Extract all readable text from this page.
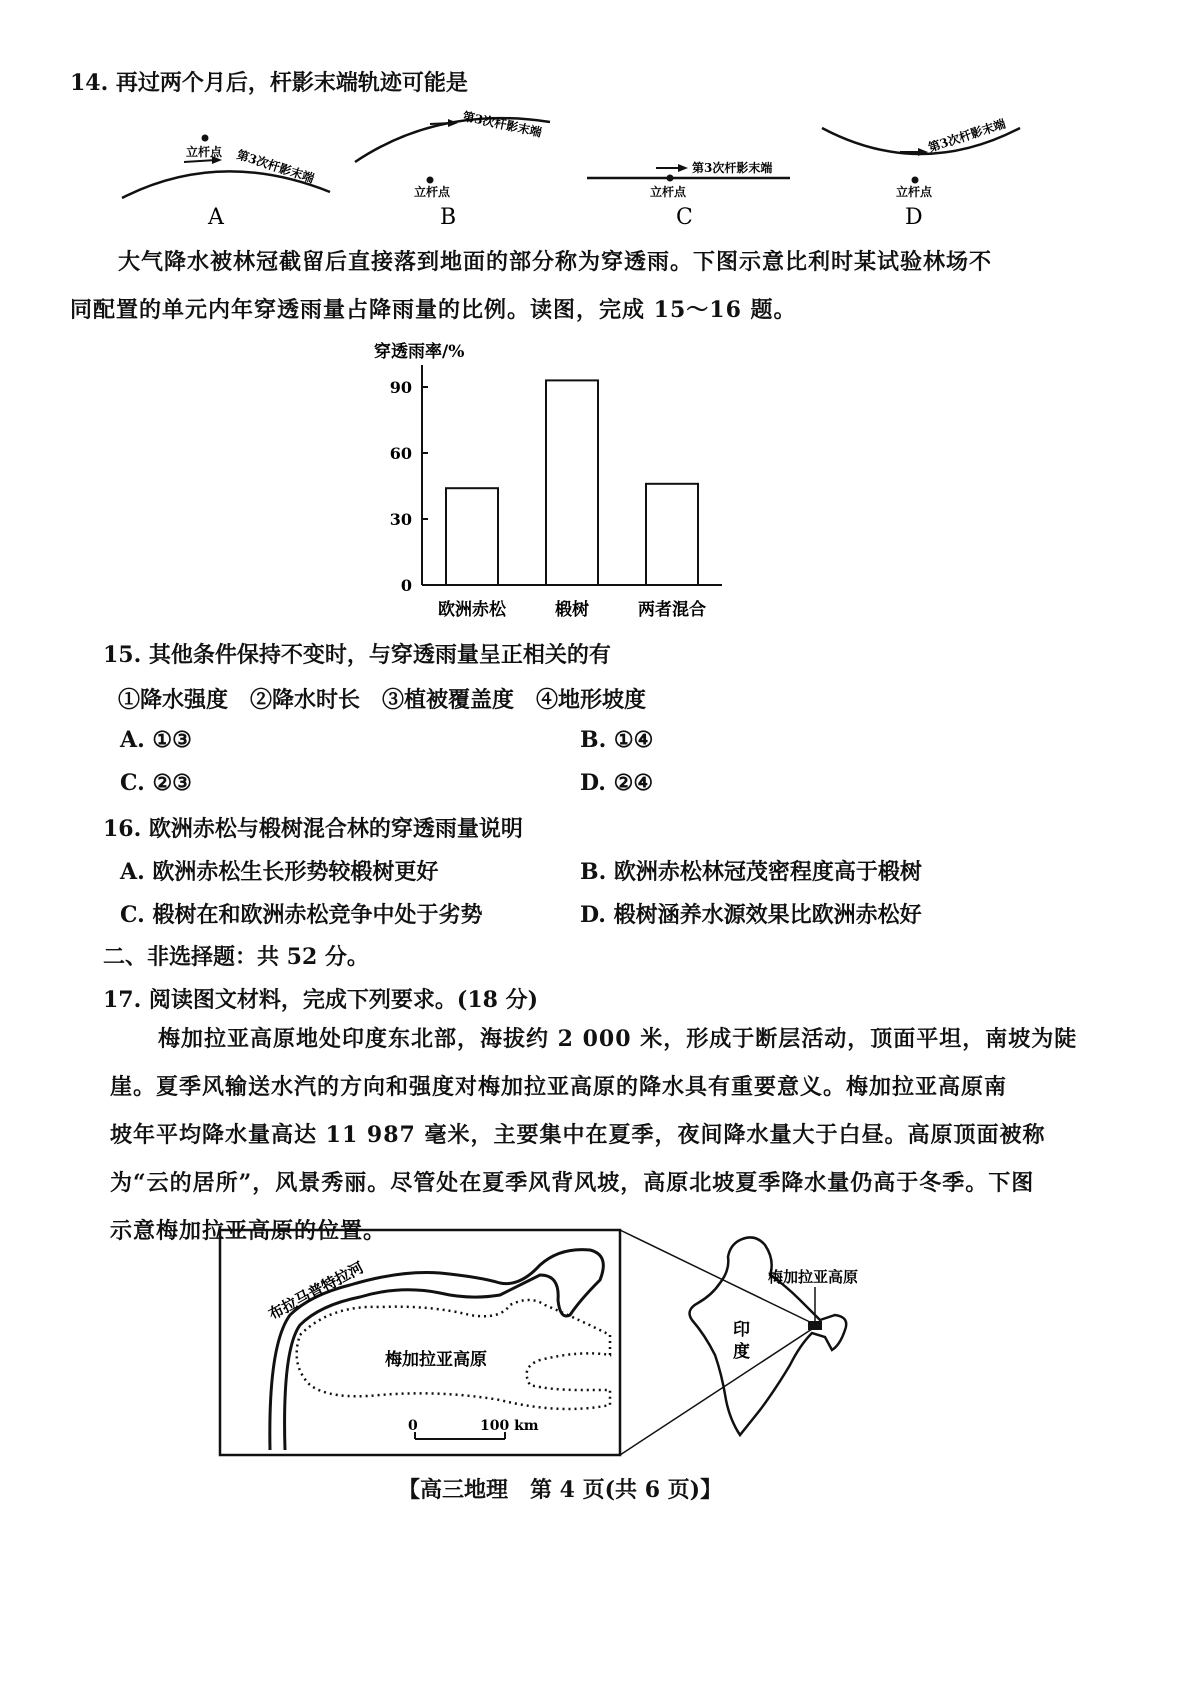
14. 再过两个月后，杆影末端轨迹可能是
立杆点 第3次杆影末端
A
第3次杆影末端
立杆点
B
第3次杆影末端
立杆点
C
第3次杆影末端
立杆点
D
大气降水被林冠截留后直接落到地面的部分称为穿透雨。下图示意比利时某试验林场不
同配置的单元内年穿透雨量占降雨量的比例。读图，完成 15～16 题。
穿透雨率/%
0
30
60
90
欧洲赤松	椴树	两者混合
15. 其他条件保持不变时，与穿透雨量呈正相关的有
①降水强度　②降水时长　③植被覆盖度　④地形坡度
A. ①③	B. ①④
C. ②③	D. ②④
16. 欧洲赤松与椴树混合林的穿透雨量说明
A. 欧洲赤松生长形势较椴树更好	B. 欧洲赤松林冠茂密程度高于椴树
C. 椴树在和欧洲赤松竞争中处于劣势	D. 椴树涵养水源效果比欧洲赤松好
二、非选择题：共 52 分。
17. 阅读图文材料，完成下列要求。(18 分)
梅加拉亚高原地处印度东北部，海拔约 2 000 米，形成于断层活动，顶面平坦，南坡为陡
崖。夏季风输送水汽的方向和强度对梅加拉亚高原的降水具有重要意义。梅加拉亚高原南
坡年平均降水量高达 11 987 毫米，主要集中在夏季，夜间降水量大于白昼。高原顶面被称
为“云的居所”，风景秀丽。尽管处在夏季风背风坡，高原北坡夏季降水量仍高于冬季。下图
示意梅加拉亚高原的位置。
布拉马普特拉河
梅加拉亚高原
0	100 km
梅加拉亚高原
印
度
【高三地理　第 4 页(共 6 页)】
